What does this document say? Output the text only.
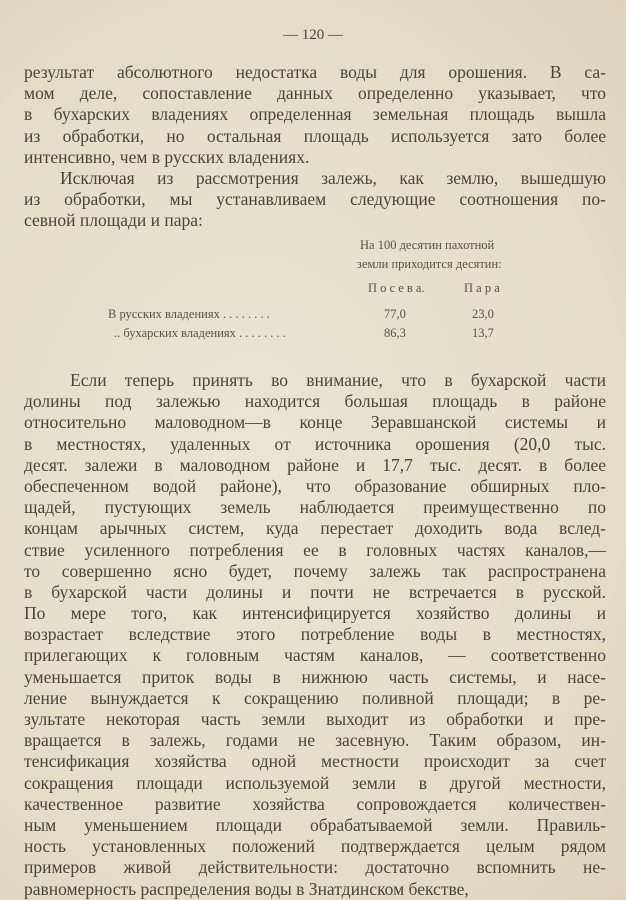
— 120 —
результат абсолютного недостатка воды для орошения. В са-
мом деле, сопоставление данных определенно указывает, что
в бухарских владениях определенная земельная площадь вышла
из обработки, но остальная площадь используется зато более
интенсивно, чем в русских владениях.
Исключая из рассмотрения залежь, как землю, вышедшую
из обработки, мы устанавливаем следующие соотношения по-
севной площади и пара:
На 100 десятин пахотной
земли приходится десятин:
П о с е в а.	П а р а
В русских владениях . . . . . . . .	77,0	23,0
.. бухарских владениях . . . . . . . .	86,3	13,7
Если теперь принять во внимание, что в бухарской части
долины под залежью находится большая площадь в районе
относительно маловодном—в конце Зеравшанской системы и
в местностях, удаленных от источника орошения (20,0 тыс.
десят. залежи в маловодном районе и 17,7 тыс. десят. в более
обеспеченном водой районе), что образование обширных пло-
щадей, пустующих земель наблюдается преимущественно по
концам арычных систем, куда перестает доходить вода вслед-
ствие усиленного потребления ее в головных частях каналов,—
то совершенно ясно будет, почему залежь так распространена
в бухарской части долины и почти не встречается в русской.
По мере того, как интенсифицируется хозяйство долины и
возрастает вследствие этого потребление воды в местностях,
прилегающих к головным частям каналов, — соответственно
уменьшается приток воды в нижнюю часть системы, и насе-
ление вынуждается к сокращению поливной площади; в ре-
зультате некоторая часть земли выходит из обработки и пре-
вращается в залежь, годами не засевную. Таким образом, ин-
тенсификация хозяйства одной местности происходит за счет
сокращения площади используемой земли в другой местности,
качественное развитие хозяйства сопровождается количествен-
ным уменьшением площади обрабатываемой земли. Правиль-
ность установленных положений подтверждается целым рядом
примеров живой действительности: достаточно вспомнить не-
равномерность распределения воды в Знатдинском бекстве,
